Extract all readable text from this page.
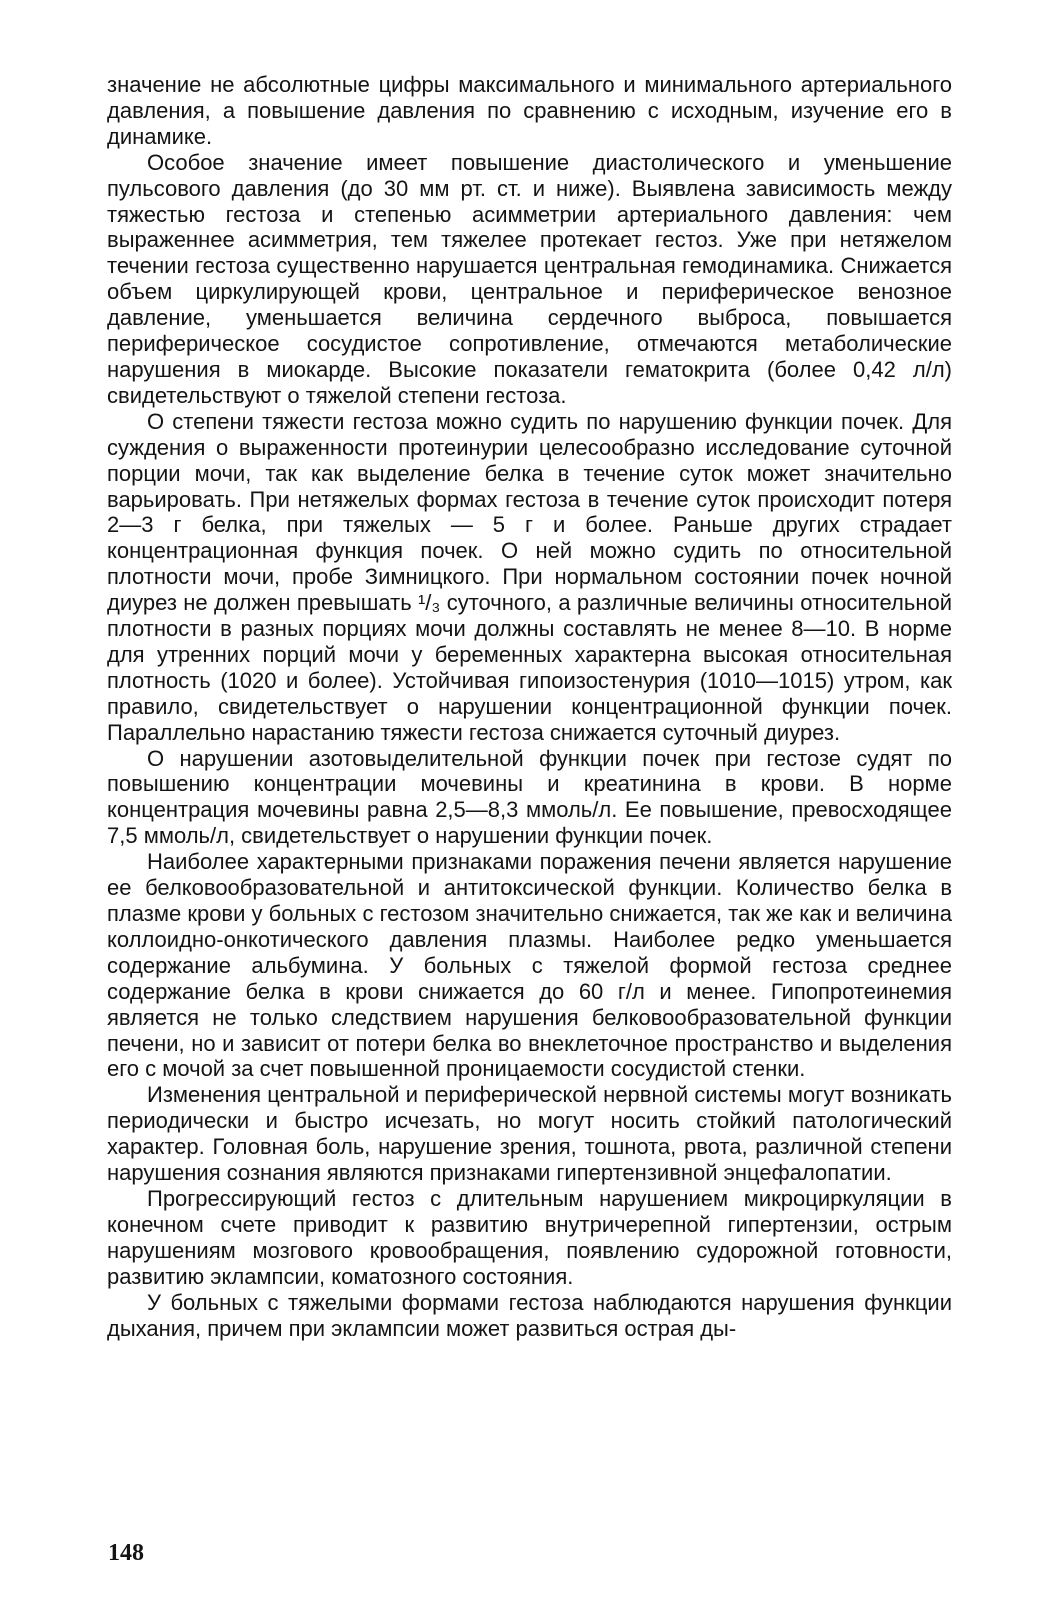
значение не абсолютные цифры максимального и минимального артериального давления, а повышение давления по сравнению с исходным, изучение его в динамике.

Особое значение имеет повышение диастолического и уменьшение пульсового давления (до 30 мм рт. ст. и ниже). Выявлена зависимость между тяжестью гестоза и степенью асимметрии артериального давления: чем выраженнее асимметрия, тем тяжелее протекает гестоз. Уже при нетяжелом течении гестоза существенно нарушается центральная гемодинамика. Снижается объем циркулирующей крови, центральное и периферическое венозное давление, уменьшается величина сердечного выброса, повышается периферическое сосудистое сопротивление, отмечаются метаболические нарушения в миокарде. Высокие показатели гематокрита (более 0,42 л/л) свидетельствуют о тяжелой степени гестоза.

О степени тяжести гестоза можно судить по нарушению функции почек. Для суждения о выраженности протеинурии целесообразно исследование суточной порции мочи, так как выделение белка в течение суток может значительно варьировать. При нетяжелых формах гестоза в течение суток происходит потеря 2—3 г белка, при тяжелых — 5 г и более. Раньше других страдает концентрационная функция почек. О ней можно судить по относительной плотности мочи, пробе Зимницкого. При нормальном состоянии почек ночной диурез не должен превышать ¹/₃ суточного, а различные величины относительной плотности в разных порциях мочи должны составлять не менее 8—10. В норме для утренних порций мочи у беременных характерна высокая относительная плотность (1020 и более). Устойчивая гипоизостенурия (1010—1015) утром, как правило, свидетельствует о нарушении концентрационной функции почек. Параллельно нарастанию тяжести гестоза снижается суточный диурез.

О нарушении азотовыделительной функции почек при гестозе судят по повышению концентрации мочевины и креатинина в крови. В норме концентрация мочевины равна 2,5—8,3 ммоль/л. Ее повышение, превосходящее 7,5 ммоль/л, свидетельствует о нарушении функции почек.

Наиболее характерными признаками поражения печени является нарушение ее белковообразовательной и антитоксической функции. Количество белка в плазме крови у больных с гестозом значительно снижается, так же как и величина коллоидно-онкотического давления плазмы. Наиболее редко уменьшается содержание альбумина. У больных с тяжелой формой гестоза среднее содержание белка в крови снижается до 60 г/л и менее. Гипопротеинемия является не только следствием нарушения белковообразовательной функции печени, но и зависит от потери белка во внеклеточное пространство и выделения его с мочой за счет повышенной проницаемости сосудистой стенки.

Изменения центральной и периферической нервной системы могут возникать периодически и быстро исчезать, но могут носить стойкий патологический характер. Головная боль, нарушение зрения, тошнота, рвота, различной степени нарушения сознания являются признаками гипертензивной энцефалопатии.

Прогрессирующий гестоз с длительным нарушением микроциркуляции в конечном счете приводит к развитию внутричерепной гипертензии, острым нарушениям мозгового кровообращения, появлению судорожной готовности, развитию эклампсии, коматозного состояния.

У больных с тяжелыми формами гестоза наблюдаются нарушения функции дыхания, причем при эклампсии может развиться острая ды-

148
